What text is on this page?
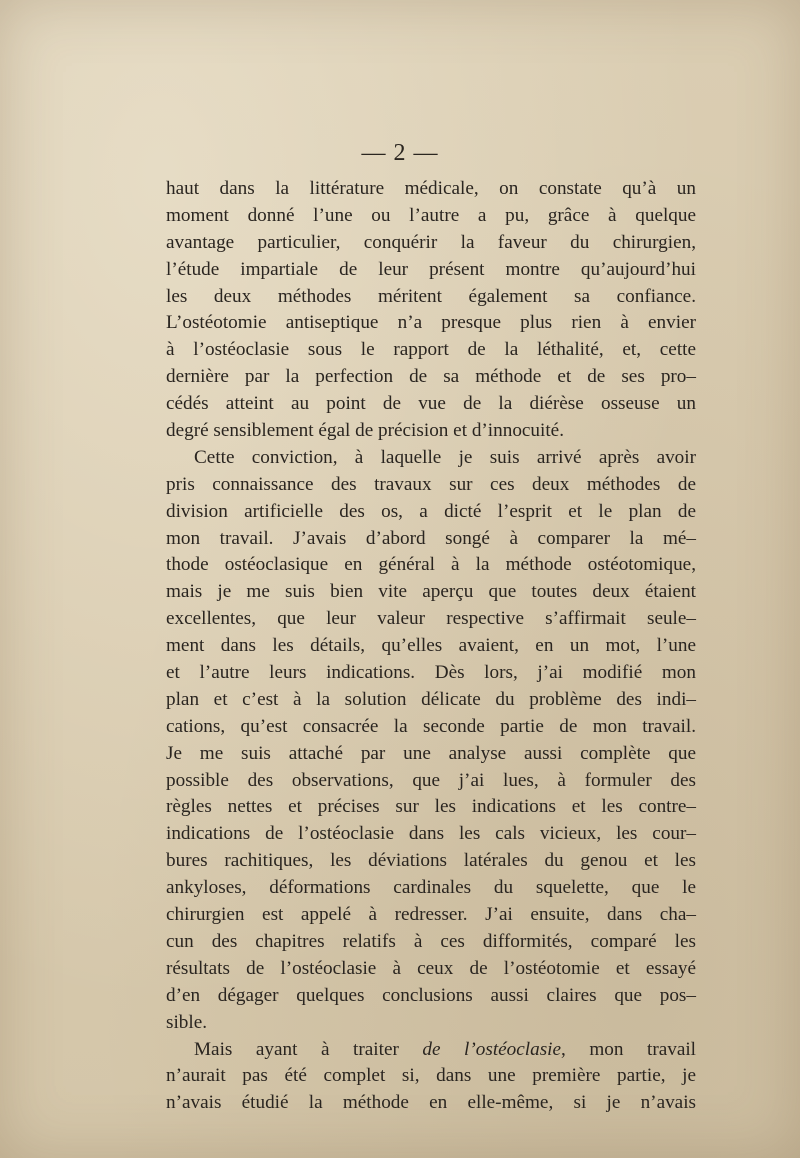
— 2 —
haut dans la littérature médicale, on constate qu’à un
moment donné l’une ou l’autre a pu, grâce à quelque
avantage particulier, conquérir la faveur du chirurgien,
l’étude impartiale de leur présent montre qu’aujourd’hui
les deux méthodes méritent également sa confiance.
L’ostéotomie antiseptique n’a presque plus rien à envier
à l’ostéoclasie sous le rapport de la léthalité, et, cette
dernière par la perfection de sa méthode et de ses pro–
cédés atteint au point de vue de la diérèse osseuse un
degré sensiblement égal de précision et d’innocuité.
Cette conviction, à laquelle je suis arrivé après avoir
pris connaissance des travaux sur ces deux méthodes de
division artificielle des os, a dicté l’esprit et le plan de
mon travail. J’avais d’abord songé à comparer la mé–
thode ostéoclasique en général à la méthode ostéotomique,
mais je me suis bien vite aperçu que toutes deux étaient
excellentes, que leur valeur respective s’affirmait seule–
ment dans les détails, qu’elles avaient, en un mot, l’une
et l’autre leurs indications. Dès lors, j’ai modifié mon
plan et c’est à la solution délicate du problème des indi–
cations, qu’est consacrée la seconde partie de mon travail.
Je me suis attaché par une analyse aussi complète que
possible des observations, que j’ai lues, à formuler des
règles nettes et précises sur les indications et les contre–
indications de l’ostéoclasie dans les cals vicieux, les cour–
bures rachitiques, les déviations latérales du genou et les
ankyloses, déformations cardinales du squelette, que le
chirurgien est appelé à redresser. J’ai ensuite, dans cha–
cun des chapitres relatifs à ces difformités, comparé les
résultats de l’ostéoclasie à ceux de l’ostéotomie et essayé
d’en dégager quelques conclusions aussi claires que pos–
sible.
Mais ayant à traiter de l’ostéoclasie, mon travail
n’aurait pas été complet si, dans une première partie, je
n’avais étudié la méthode en elle-même, si je n’avais
